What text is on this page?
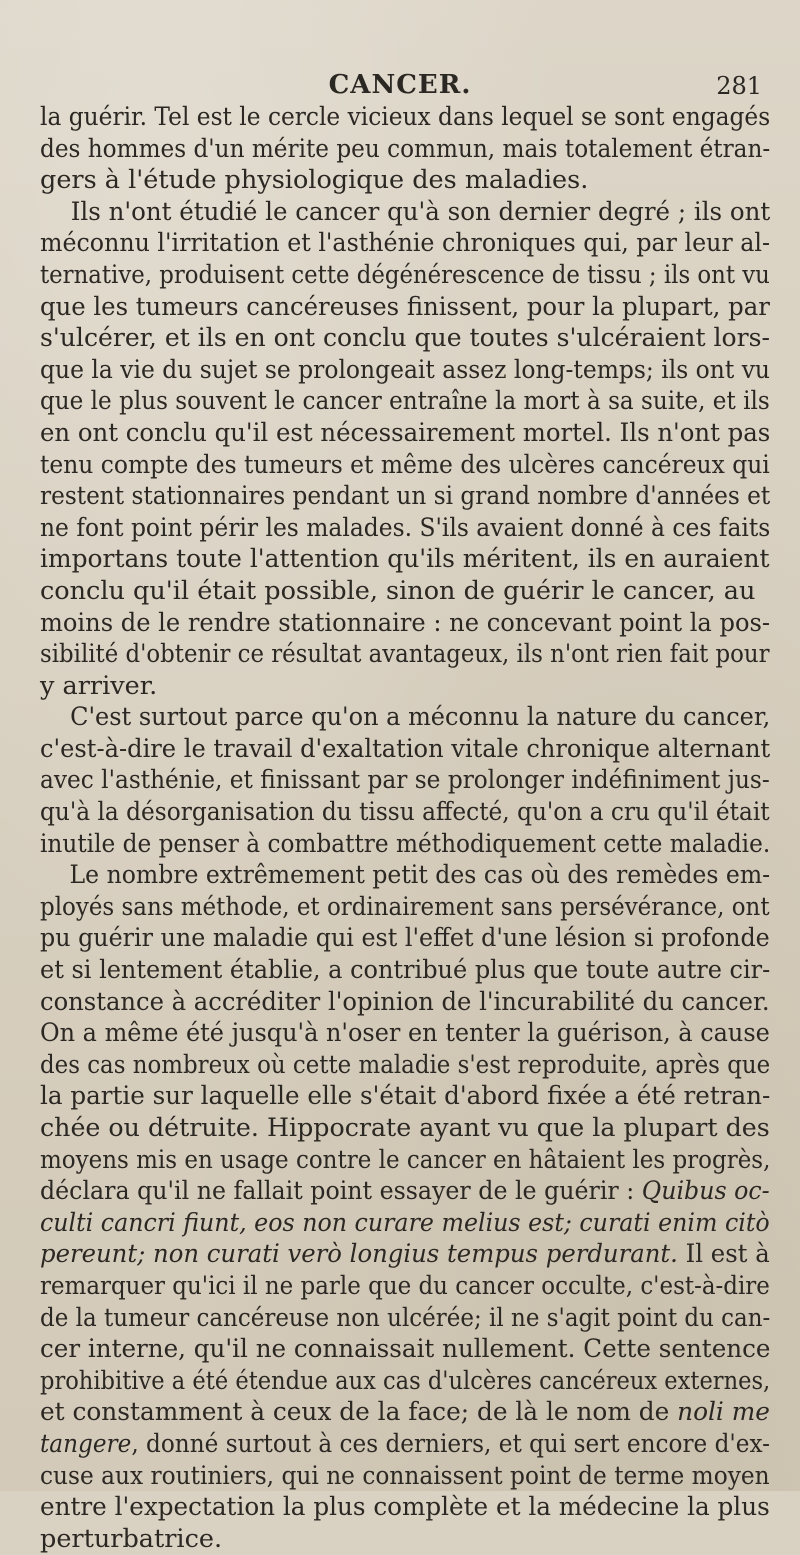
CANCER.	281
la guérir. Tel est le cercle vicieux dans lequel se sont engagés
des hommes d'un mérite peu commun, mais totalement étran-
gers à l'étude physiologique des maladies.
Ils n'ont étudié le cancer qu'à son dernier degré ; ils ont
méconnu l'irritation et l'asthénie chroniques qui, par leur al-
ternative, produisent cette dégénérescence de tissu ; ils ont vu
que les tumeurs cancéreuses finissent, pour la plupart, par
s'ulcérer, et ils en ont conclu que toutes s'ulcéraient lors-
que la vie du sujet se prolongeait assez long-temps; ils ont vu
que le plus souvent le cancer entraîne la mort à sa suite, et ils
en ont conclu qu'il est nécessairement mortel. Ils n'ont pas
tenu compte des tumeurs et même des ulcères cancéreux qui
restent stationnaires pendant un si grand nombre d'années et
ne font point périr les malades. S'ils avaient donné à ces faits
importans toute l'attention qu'ils méritent, ils en auraient
conclu qu'il était possible, sinon de guérir le cancer, au
moins de le rendre stationnaire : ne concevant point la pos-
sibilité d'obtenir ce résultat avantageux, ils n'ont rien fait pour
y arriver.
C'est surtout parce qu'on a méconnu la nature du cancer,
c'est-à-dire le travail d'exaltation vitale chronique alternant
avec l'asthénie, et finissant par se prolonger indéfiniment jus-
qu'à la désorganisation du tissu affecté, qu'on a cru qu'il était
inutile de penser à combattre méthodiquement cette maladie.
Le nombre extrêmement petit des cas où des remèdes em-
ployés sans méthode, et ordinairement sans persévérance, ont
pu guérir une maladie qui est l'effet d'une lésion si profonde
et si lentement établie, a contribué plus que toute autre cir-
constance à accréditer l'opinion de l'incurabilité du cancer.
On a même été jusqu'à n'oser en tenter la guérison, à cause
des cas nombreux où cette maladie s'est reproduite, après que
la partie sur laquelle elle s'était d'abord fixée a été retran-
chée ou détruite. Hippocrate ayant vu que la plupart des
moyens mis en usage contre le cancer en hâtaient les progrès,
déclara qu'il ne fallait point essayer de le guérir : Quibus oc-
culti cancri fiunt, eos non curare melius est; curati enim citò
pereunt; non curati verò longius tempus perdurant. Il est à
remarquer qu'ici il ne parle que du cancer occulte, c'est-à-dire
de la tumeur cancéreuse non ulcérée; il ne s'agit point du can-
cer interne, qu'il ne connaissait nullement. Cette sentence
prohibitive a été étendue aux cas d'ulcères cancéreux externes,
et constamment à ceux de la face; de là le nom de noli me
tangere, donné surtout à ces derniers, et qui sert encore d'ex-
cuse aux routiniers, qui ne connaissent point de terme moyen
entre l'expectation la plus complète et la médecine la plus
perturbatrice.
